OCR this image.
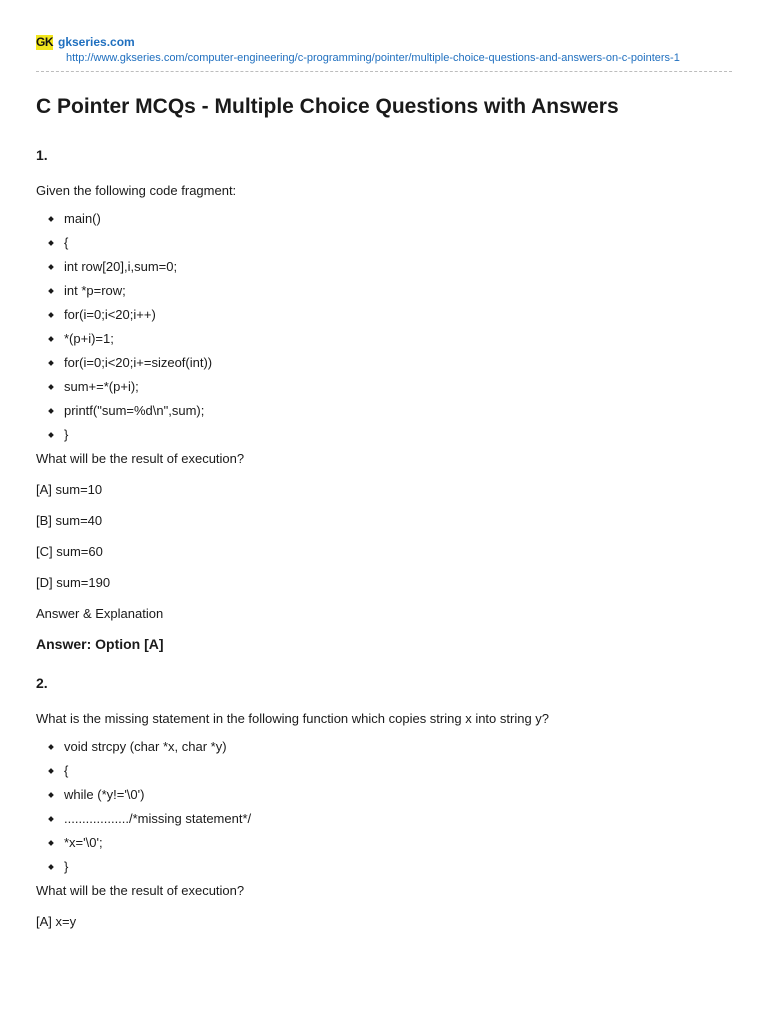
GK gkseries.com
http://www.gkseries.com/computer-engineering/c-programming/pointer/multiple-choice-questions-and-answers-on-c-pointers-1
C Pointer MCQs - Multiple Choice Questions with Answers
1.

Given the following code fragment:

main()
{
int row[20],i,sum=0;
int *p=row;
for(i=0;i<20;i++)
*(p+i)=1;
for(i=0;i<20;i+=sizeof(int))
sum+=*(p+i);
printf("sum=%d\n",sum);
}

What will be the result of execution?

[A] sum=10

[B] sum=40

[C] sum=60

[D] sum=190

Answer & Explanation

Answer: Option [A]
2.

What is the missing statement in the following function which copies string x into string y?

void strcpy (char *x, char *y)
{
while (*y!='\0')
................../*missing statement*/
*x='\0';
}

What will be the result of execution?

[A] x=y
